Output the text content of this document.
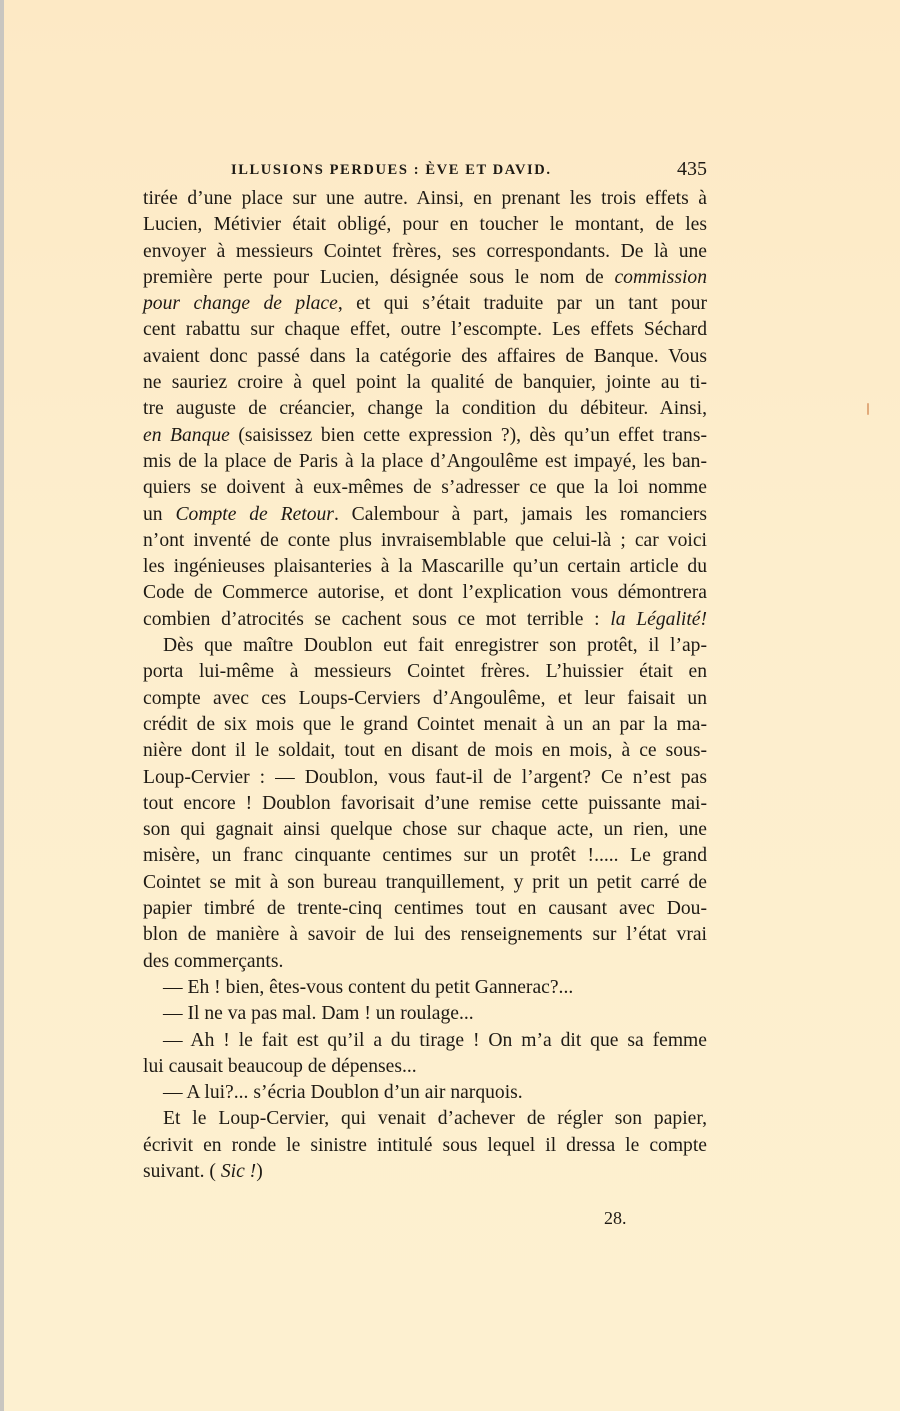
ILLUSIONS PERDUES : ÈVE ET DAVID.	435
tirée d’une place sur une autre. Ainsi, en prenant les trois effets à
Lucien, Métivier était obligé, pour en toucher le montant, de les
envoyer à messieurs Cointet frères, ses correspondants. De là une
première perte pour Lucien, désignée sous le nom de commission
pour change de place, et qui s’était traduite par un tant pour
cent rabattu sur chaque effet, outre l’escompte. Les effets Séchard
avaient donc passé dans la catégorie des affaires de Banque. Vous
ne sauriez croire à quel point la qualité de banquier, jointe au ti-
tre auguste de créancier, change la condition du débiteur. Ainsi,
en Banque (saisissez bien cette expression ?), dès qu’un effet trans-
mis de la place de Paris à la place d’Angoulême est impayé, les ban-
quiers se doivent à eux-mêmes de s’adresser ce que la loi nomme
un Compte de Retour. Calembour à part, jamais les romanciers
n’ont inventé de conte plus invraisemblable que celui-là ; car voici
les ingénieuses plaisanteries à la Mascarille qu’un certain article du
Code de Commerce autorise, et dont l’explication vous démontrera
combien d’atrocités se cachent sous ce mot terrible : la Légalité!
Dès que maître Doublon eut fait enregistrer son protêt, il l’ap-
porta lui-même à messieurs Cointet frères. L’huissier était en
compte avec ces Loups-Cerviers d’Angoulême, et leur faisait un
crédit de six mois que le grand Cointet menait à un an par la ma-
nière dont il le soldait, tout en disant de mois en mois, à ce sous-
Loup-Cervier : — Doublon, vous faut-il de l’argent? Ce n’est pas
tout encore ! Doublon favorisait d’une remise cette puissante mai-
son qui gagnait ainsi quelque chose sur chaque acte, un rien, une
misère, un franc cinquante centimes sur un protêt !..... Le grand
Cointet se mit à son bureau tranquillement, y prit un petit carré de
papier timbré de trente-cinq centimes tout en causant avec Dou-
blon de manière à savoir de lui des renseignements sur l’état vrai
des commerçants.
— Eh ! bien, êtes-vous content du petit Gannerac?...
— Il ne va pas mal. Dam ! un roulage...
— Ah ! le fait est qu’il a du tirage ! On m’a dit que sa femme
lui causait beaucoup de dépenses...
— A lui?... s’écria Doublon d’un air narquois.
Et le Loup-Cervier, qui venait d’achever de régler son papier,
écrivit en ronde le sinistre intitulé sous lequel il dressa le compte
suivant. ( Sic !)
28.
